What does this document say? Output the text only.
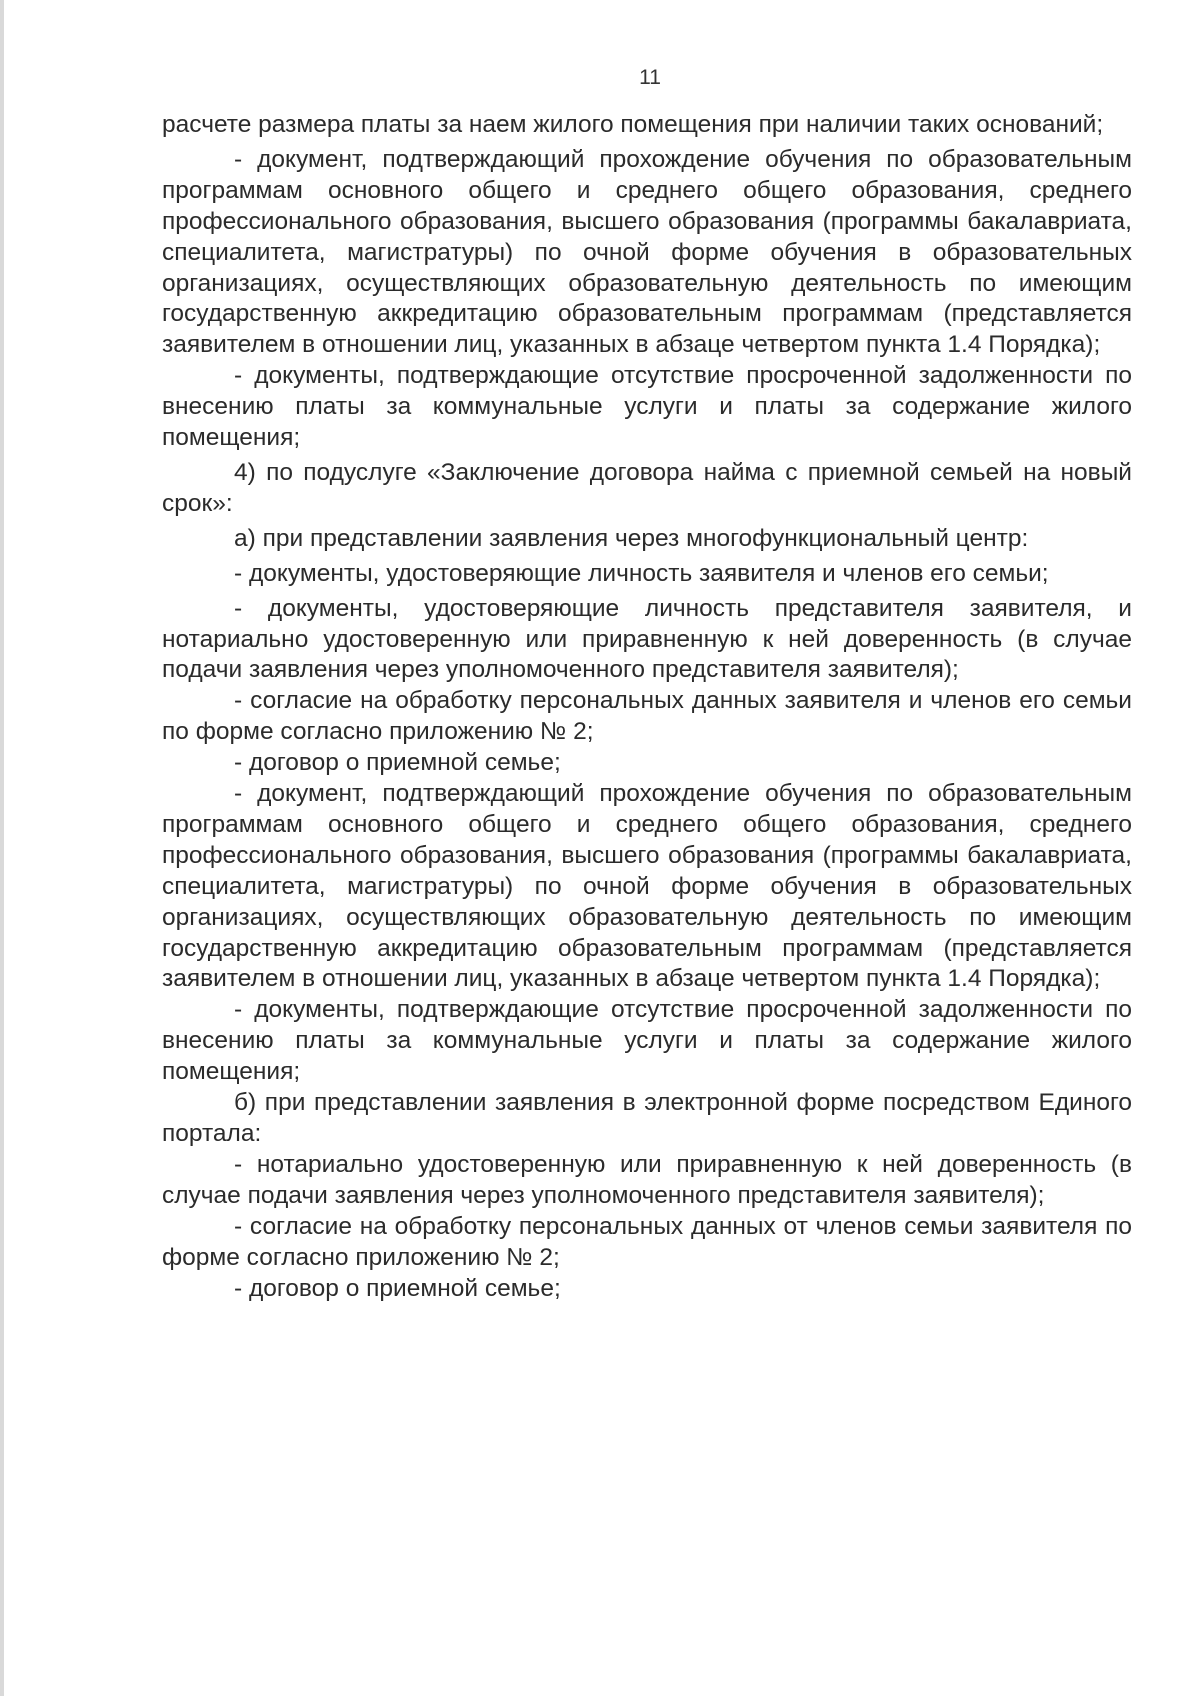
11

расчете размера платы за наем жилого помещения при наличии таких оснований;

- документ, подтверждающий прохождение обучения по образовательным программам основного общего и среднего общего образования, среднего профессионального образования, высшего образования (программы бакалавриата, специалитета, магистратуры) по очной форме обучения в образовательных организациях, осуществляющих образовательную деятельность по имеющим государственную аккредитацию образовательным программам (представляется заявителем в отношении лиц, указанных в абзаце четвертом пункта 1.4 Порядка);

- документы, подтверждающие отсутствие просроченной задолженности по внесению платы за коммунальные услуги и платы за содержание жилого помещения;

4) по подуслуге «Заключение договора найма с приемной семьей на новый срок»:

а) при представлении заявления через многофункциональный центр:

- документы, удостоверяющие личность заявителя и членов его семьи;

- документы, удостоверяющие личность представителя заявителя, и нотариально удостоверенную или приравненную к ней доверенность (в случае подачи заявления через уполномоченного представителя заявителя);

- согласие на обработку персональных данных заявителя и членов его семьи по форме согласно приложению № 2;

- договор о приемной семье;

- документ, подтверждающий прохождение обучения по образовательным программам основного общего и среднего общего образования, среднего профессионального образования, высшего образования (программы бакалавриата, специалитета, магистратуры) по очной форме обучения в образовательных организациях, осуществляющих образовательную деятельность по имеющим государственную аккредитацию образовательным программам (представляется заявителем в отношении лиц, указанных в абзаце четвертом пункта 1.4 Порядка);

- документы, подтверждающие отсутствие просроченной задолженности по внесению платы за коммунальные услуги и платы за содержание жилого помещения;

б) при представлении заявления в электронной форме посредством Единого портала:

- нотариально удостоверенную или приравненную к ней доверенность (в случае подачи заявления через уполномоченного представителя заявителя);

- согласие на обработку персональных данных от членов семьи заявителя по форме согласно приложению № 2;

- договор о приемной семье;
